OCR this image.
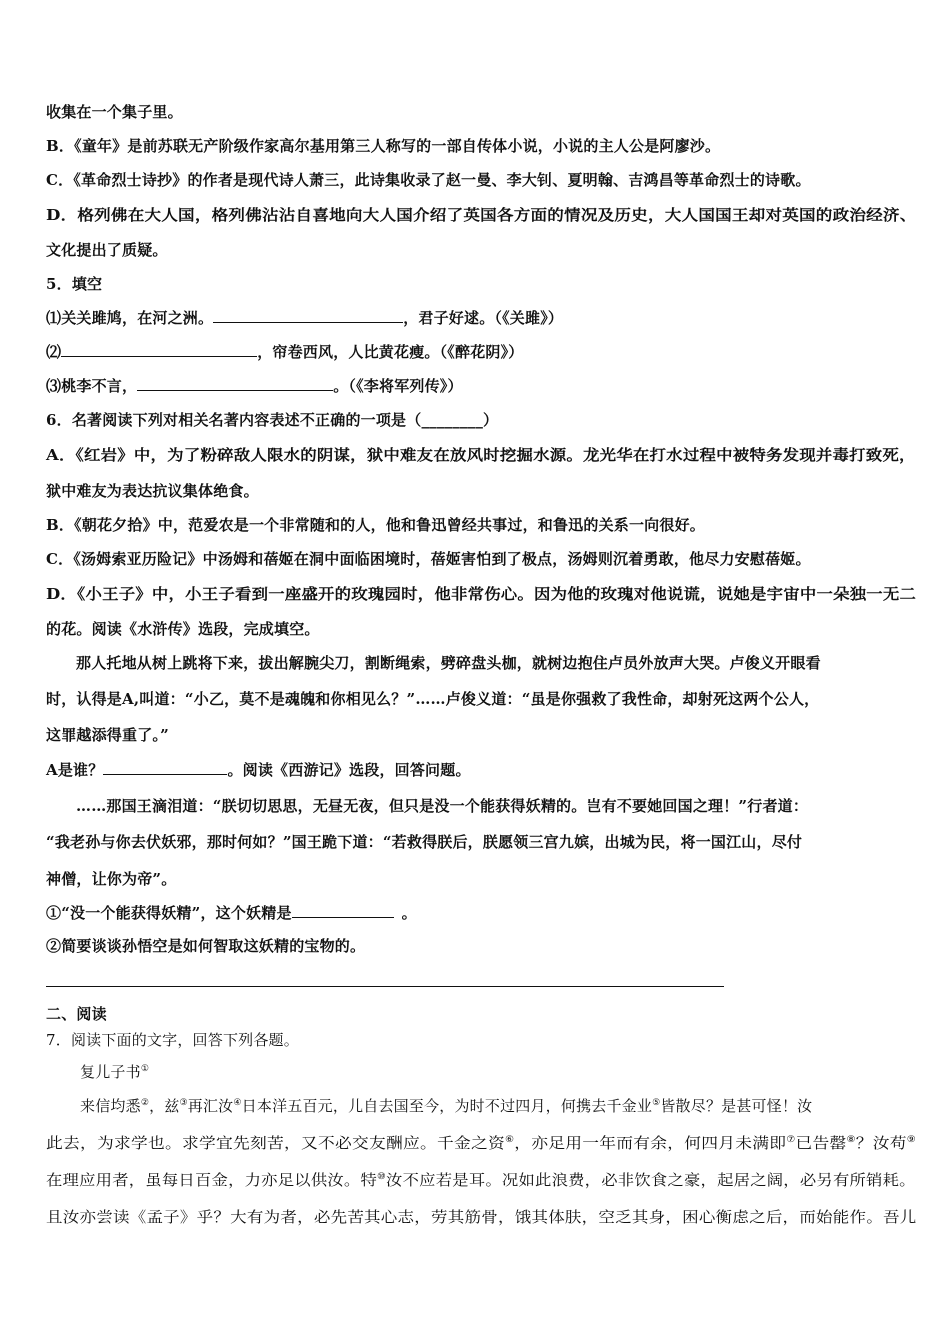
收集在一个集子里。
B．《童年》是前苏联无产阶级作家高尔基用第三人称写的一部自传体小说，小说的主人公是阿廖沙。
C．《革命烈士诗抄》的作者是现代诗人萧三，此诗集收录了赵一曼、李大钊、夏明翰、吉鸿昌等革命烈士的诗歌。
D．格列佛在大人国，格列佛沾沾自喜地向大人国介绍了英国各方面的情况及历史，大人国国王却对英国的政治经济、
文化提出了质疑。
5．填空
⑴关关雎鸠，在河之洲。	，君子好逑。（《关雎》）
⑵	，帘卷西风，人比黄花瘦。（《醉花阴》）
⑶桃李不言，	。（《李将军列传》）
6．名著阅读下列对相关名著内容表述不正确的一项是（________）
A．《红岩》中，为了粉碎敌人限水的阴谋，狱中难友在放风时挖掘水源。龙光华在打水过程中被特务发现并毒打致死，
狱中难友为表达抗议集体绝食。
B．《朝花夕拾》中，范爱农是一个非常随和的人，他和鲁迅曾经共事过，和鲁迅的关系一向很好。
C．《汤姆索亚历险记》中汤姆和蓓姬在洞中面临困境时，蓓姬害怕到了极点，汤姆则沉着勇敢，他尽力安慰蓓姬。
D．《小王子》中，小王子看到一座盛开的玫瑰园时，他非常伤心。因为他的玫瑰对他说谎，说她是宇宙中一朵独一无二
的花。阅读《水浒传》选段，完成填空。
那人托地从树上跳将下来，拔出解腕尖刀，割断绳索，劈碎盘头枷，就树边抱住卢员外放声大哭。卢俊义开眼看
时，认得是A,叫道：“小乙，莫不是魂魄和你相见么？”……卢俊义道：“虽是你强救了我性命，却射死这两个公人，
这罪越添得重了。”
A是谁？	。阅读《西游记》选段，回答问题。
……那国王滴泪道：“朕切切思思，无昼无夜，但只是没一个能获得妖精的。岂有不要她回国之理！”行者道：
“我老孙与你去伏妖邪，那时何如？”国王跪下道：“若救得朕后，朕愿领三宫九嫔，出城为民，将一国江山，尽付
神僧，让你为帝”。
①“没一个能获得妖精”，这个妖精是	。
②简要谈谈孙悟空是如何智取这妖精的宝物的。
二、阅读
7．阅读下面的文字，回答下列各题。
复儿子书①
来信均悉②，兹③再汇汝④日本洋五百元，儿自去国至今，为时不过四月，何携去千金业⑤皆散尽？是甚可怪！汝
此去，为求学也。求学宜先刻苦，又不必交友酬应。千金之资⑥，亦足用一年而有余，何四月未满即⑦已告罄⑧？汝苟⑨
在理应用者，虽每日百金，力亦足以供汝。特⑩汝不应若是耳。况如此浪费，必非饮食之豪，起居之阔，必另有所销耗。
且汝亦尝读《孟子》乎？大有为者，必先苦其心志，劳其筋骨，饿其体肤，空乏其身，困心衡虑之后，而始能作。吾儿
